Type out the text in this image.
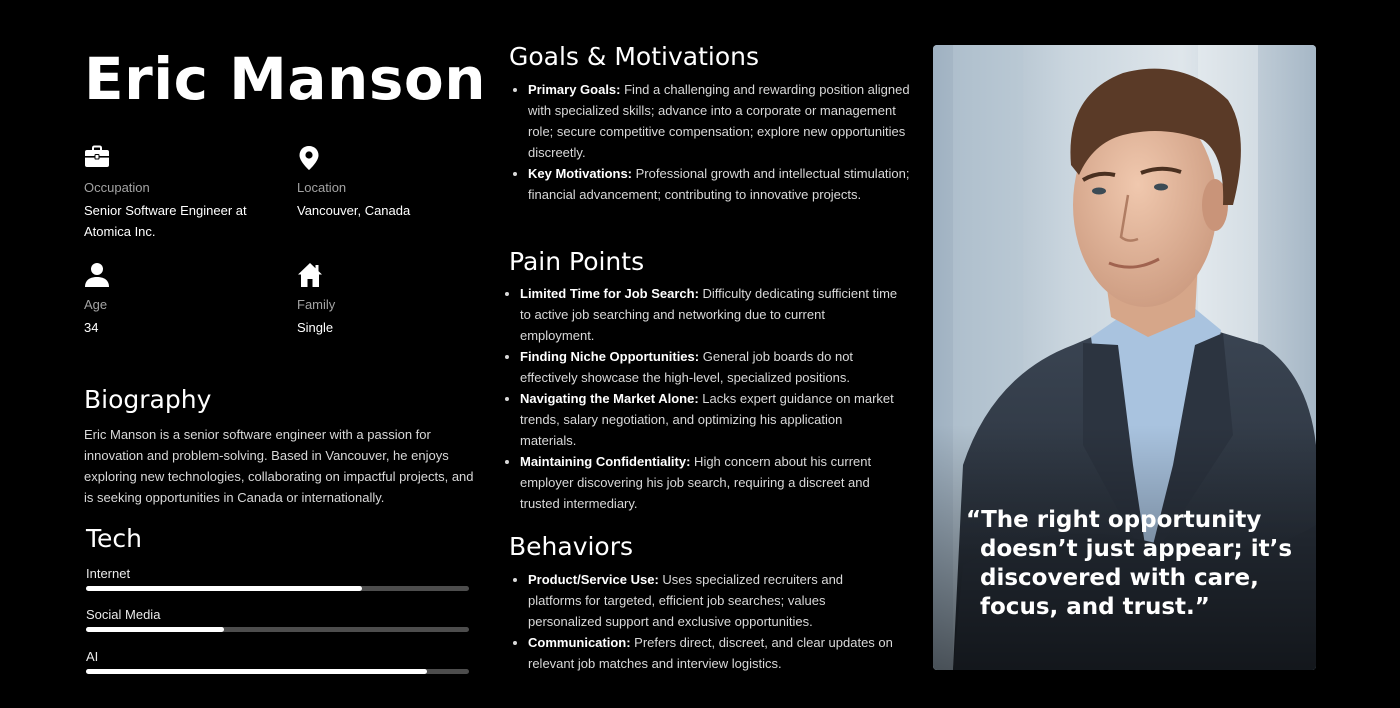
Eric Manson
Occupation
Senior Software Engineer at Atomica Inc.
Location
Vancouver, Canada
Age
34
Family
Single
Biography

Eric Manson is a senior software engineer with a passion for innovation and problem-solving. Based in Vancouver, he enjoys exploring new technologies, collaborating on impactful projects, and is seeking opportunities in Canada or internationally.

Tech
Internet
Social Media
AI
Goals & Motivations
• Primary Goals: Find a challenging and rewarding position aligned with specialized skills; advance into a corporate or management role; secure competitive compensation; explore new opportunities discreetly.
• Key Motivations: Professional growth and intellectual stimulation; financial advancement; contributing to innovative projects.
Pain Points
• Limited Time for Job Search: Difficulty dedicating sufficient time to active job searching and networking due to current employment.
• Finding Niche Opportunities: General job boards do not effectively showcase the high-level, specialized positions.
• Navigating the Market Alone: Lacks expert guidance on market trends, salary negotiation, and optimizing his application materials.
• Maintaining Confidentiality: High concern about his current employer discovering his job search, requiring a discreet and trusted intermediary.
Behaviors
• Product/Service Use: Uses specialized recruiters and platforms for targeted, efficient job searches; values personalized support and exclusive opportunities.
• Communication: Prefers direct, discreet, and clear updates on relevant job matches and interview logistics.

“The right opportunity doesn’t just appear; it’s discovered with care, focus, and trust.”
